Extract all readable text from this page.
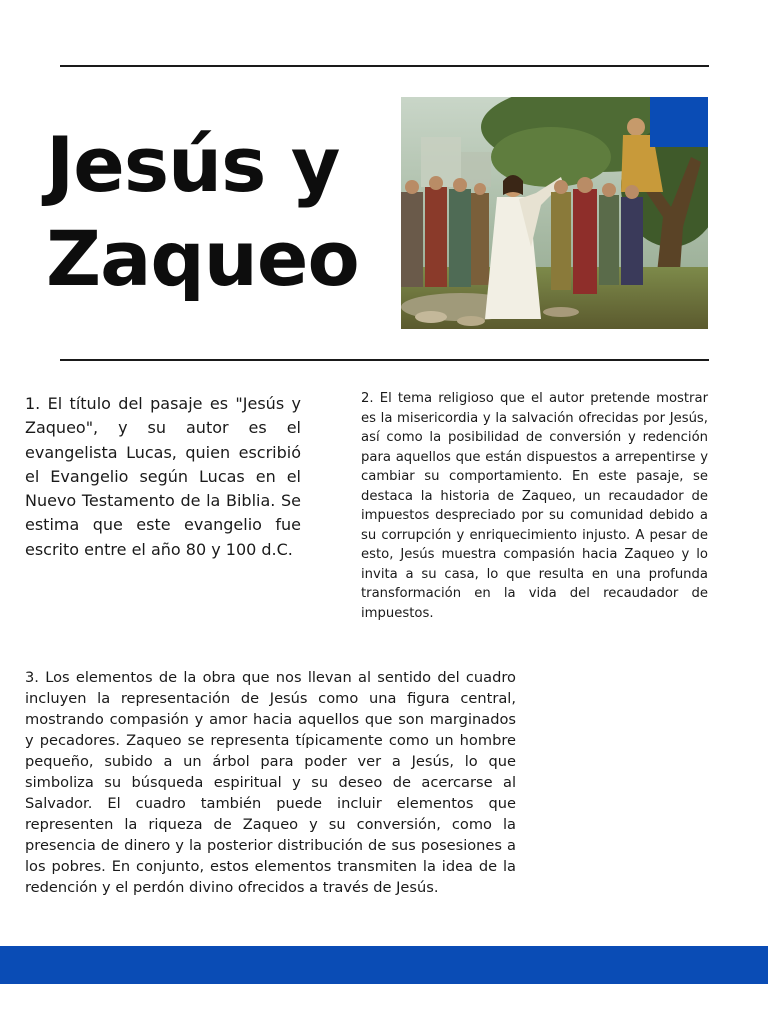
Jesús y
Zaqueo

1. El título del pasaje es "Jesús y Zaqueo", y su autor es el evangelista Lucas, quien escribió el Evangelio según Lucas en el Nuevo Testamento de la Biblia. Se estima que este evangelio fue escrito entre el año 80 y 100 d.C.

2. El tema religioso que el autor pretende mostrar es la misericordia y la salvación ofrecidas por Jesús, así como la posibilidad de conversión y redención para aquellos que están dispuestos a arrepentirse y cambiar su comportamiento. En este pasaje, se destaca la historia de Zaqueo, un recaudador de impuestos despreciado por su comunidad debido a su corrupción y enriquecimiento injusto. A pesar de esto, Jesús muestra compasión hacia Zaqueo y lo invita a su casa, lo que resulta en una profunda transformación en la vida del recaudador de impuestos.

3. Los elementos de la obra que nos llevan al sentido del cuadro incluyen la representación de Jesús como una figura central, mostrando compasión y amor hacia aquellos que son marginados y pecadores. Zaqueo se representa típicamente como un hombre pequeño, subido a un árbol para poder ver a Jesús, lo que simboliza su búsqueda espiritual y su deseo de acercarse al Salvador. El cuadro también puede incluir elementos que representen la riqueza de Zaqueo y su conversión, como la presencia de dinero y la posterior distribución de sus posesiones a los pobres. En conjunto, estos elementos transmiten la idea de la redención y el perdón divino ofrecidos a través de Jesús.
